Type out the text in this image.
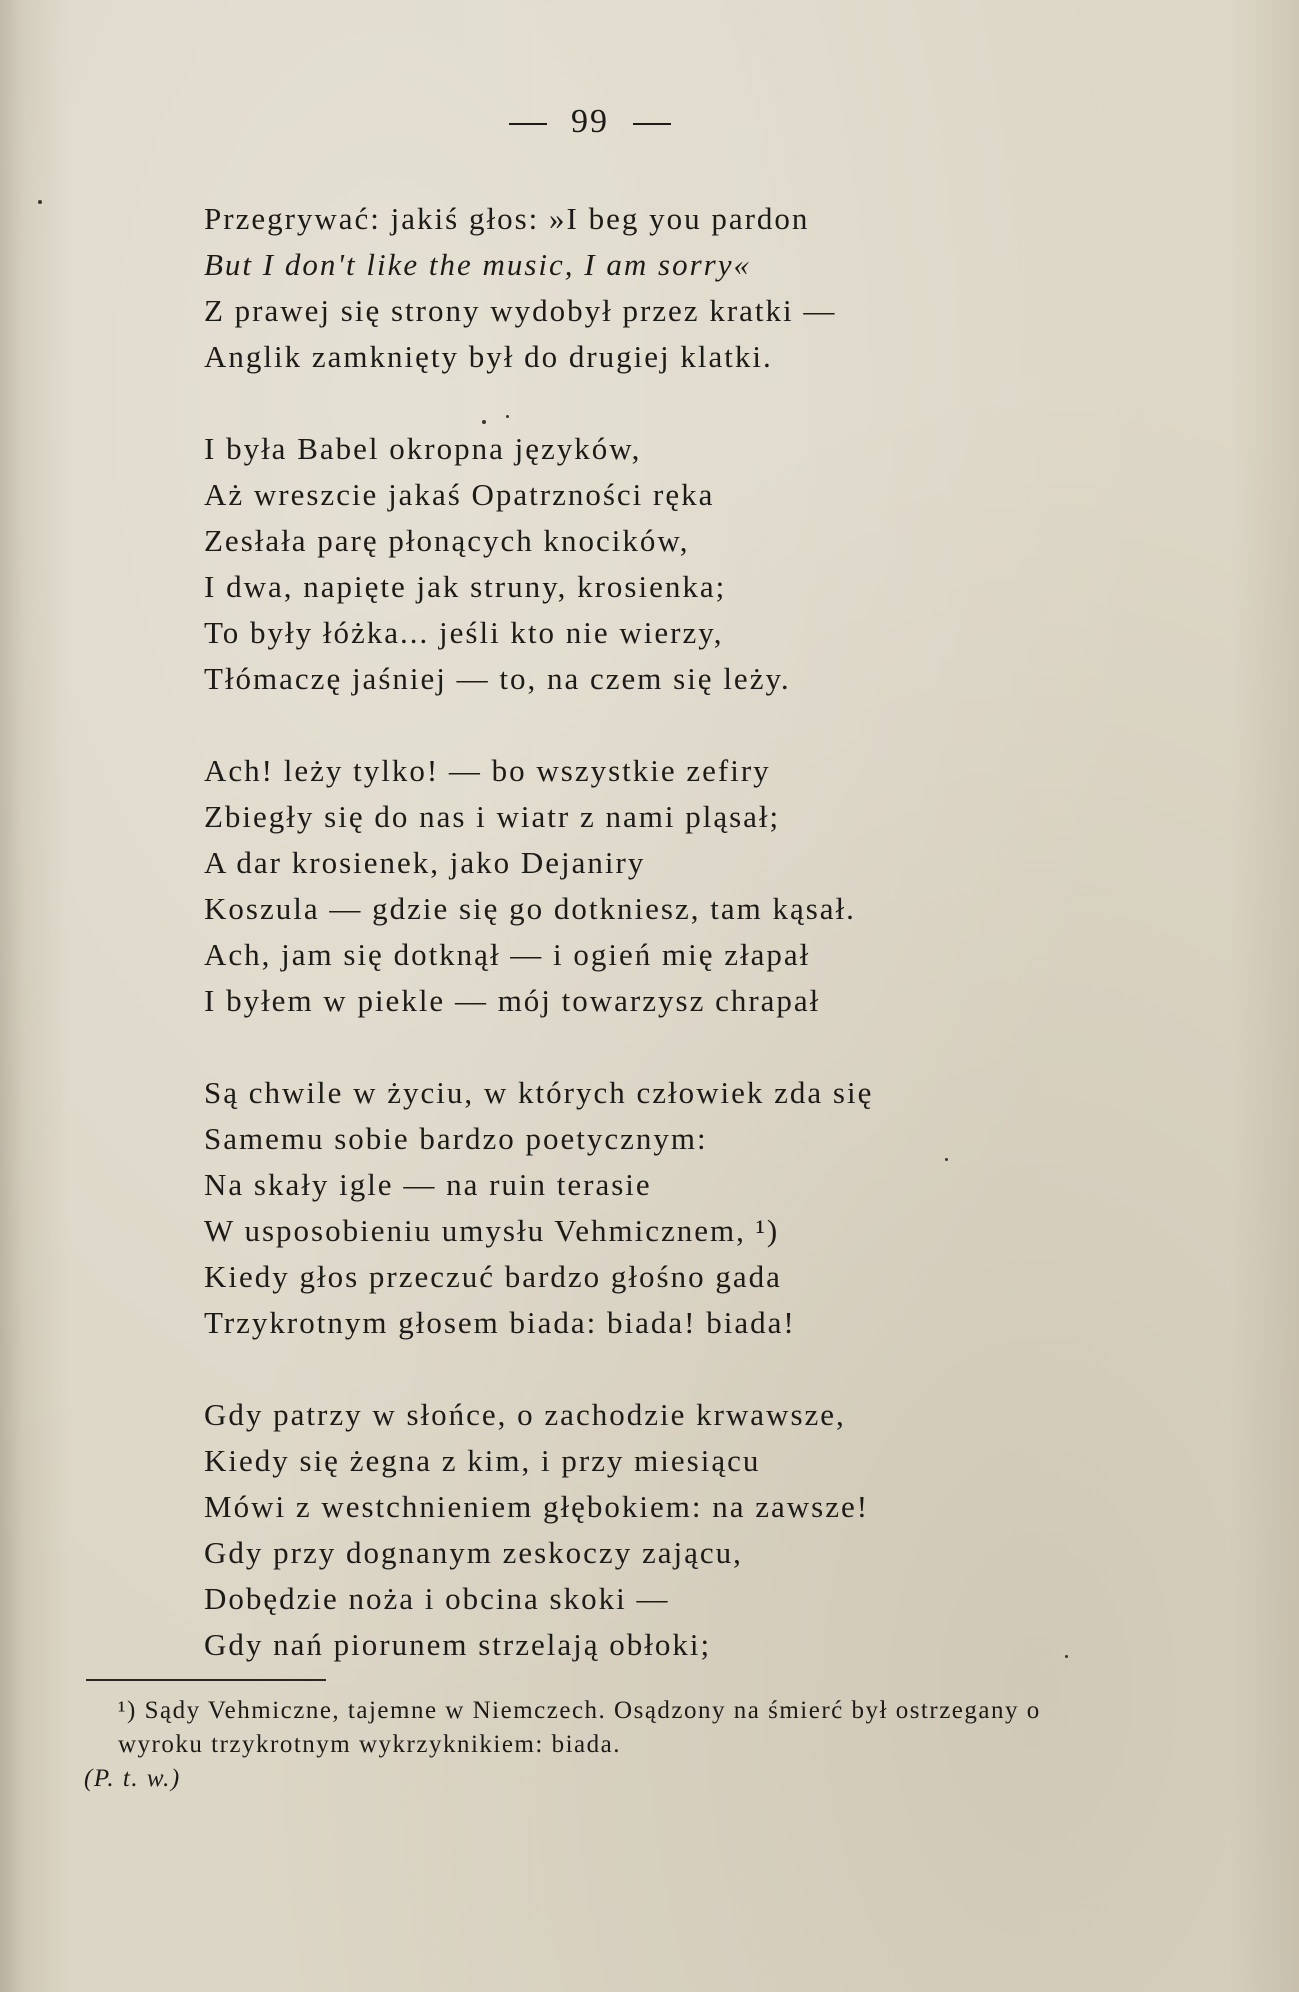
99
Przegrywać: jakiś głos: »I beg you pardon
But I don't like the music, I am sorry«
Z prawej się strony wydobył przez kratki —
Anglik zamknięty był do drugiej klatki.
I była Babel okropna języków,
Aż wreszcie jakaś Opatrzności ręka
Zesłała parę płonących knocików,
I dwa, napięte jak struny, krosienka;
To były łóżka... jeśli kto nie wierzy,
Tłómaczę jaśniej — to, na czem się leży.
Ach! leży tylko! — bo wszystkie zefiry
Zbiegły się do nas i wiatr z nami pląsał;
A dar krosienek, jako Dejaniry
Koszula — gdzie się go dotkniesz, tam kąsał.
Ach, jam się dotknął — i ogień mię złapał
I byłem w piekle — mój towarzysz chrapał
Są chwile w życiu, w których człowiek zda się
Samemu sobie bardzo poetycznym:
Na skały igle — na ruin terasie
W usposobieniu umysłu Vehmicznem, ¹)
Kiedy głos przeczuć bardzo głośno gada
Trzykrotnym głosem biada: biada! biada!
Gdy patrzy w słońce, o zachodzie krwawsze,
Kiedy się żegna z kim, i przy miesiącu
Mówi z westchnieniem głębokiem: na zawsze!
Gdy przy dognanym zeskoczy zającu,
Dobędzie noża i obcina skoki —
Gdy nań piorunem strzelają obłoki;

¹) Sądy Vehmiczne, tajemne w Niemczech. Osądzony na śmierć był ostrzegany o wyroku trzykrotnym wykrzyknikiem: biada.

(P. t. w.)
